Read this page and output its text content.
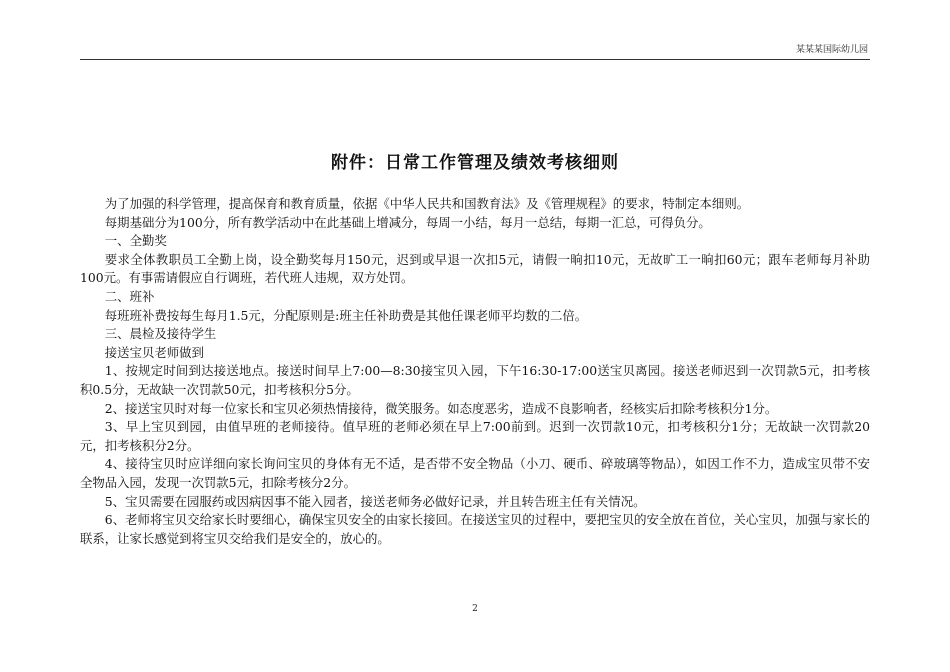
某某某国际幼儿园
附件：日常工作管理及绩效考核细则

为了加强的科学管理，提高保育和教育质量，依据《中华人民共和国教育法》及《管理规程》的要求，特制定本细则。

每期基础分为100分，所有教学活动中在此基础上增减分，每周一小结，每月一总结，每期一汇总，可得负分。

一、全勤奖

要求全体教职员工全勤上岗，设全勤奖每月150元，迟到或早退一次扣5元，请假一晌扣10元，无故旷工一晌扣60元；跟车老师每月补助100元。有事需请假应自行调班，若代班人违规，双方处罚。

二、班补

每班班补费按每生每月1.5元，分配原则是:班主任补助费是其他任课老师平均数的二倍。

三、晨检及接待学生

接送宝贝老师做到

1、按规定时间到达接送地点。接送时间早上7:00—8:30接宝贝入园，下午16:30-17:00送宝贝离园。接送老师迟到一次罚款5元，扣考核积0.5分，无故缺一次罚款50元，扣考核积分5分。

2、接送宝贝时对每一位家长和宝贝必须热情接待，微笑服务。如态度恶劣，造成不良影响者，经核实后扣除考核积分1分。

3、早上宝贝到园，由值早班的老师接待。值早班的老师必须在早上7:00前到。迟到一次罚款10元，扣考核积分1分；无故缺一次罚款20元，扣考核积分2分。

4、接待宝贝时应详细向家长询问宝贝的身体有无不适，是否带不安全物品（小刀、硬币、碎玻璃等物品），如因工作不力，造成宝贝带不安全物品入园，发现一次罚款5元，扣除考核分2分。

5、宝贝需要在园服药或因病因事不能入园者，接送老师务必做好记录，并且转告班主任有关情况。

6、老师将宝贝交给家长时要细心，确保宝贝安全的由家长接回。在接送宝贝的过程中，要把宝贝的安全放在首位，关心宝贝，加强与家长的联系，让家长感觉到将宝贝交给我们是安全的，放心的。

2
